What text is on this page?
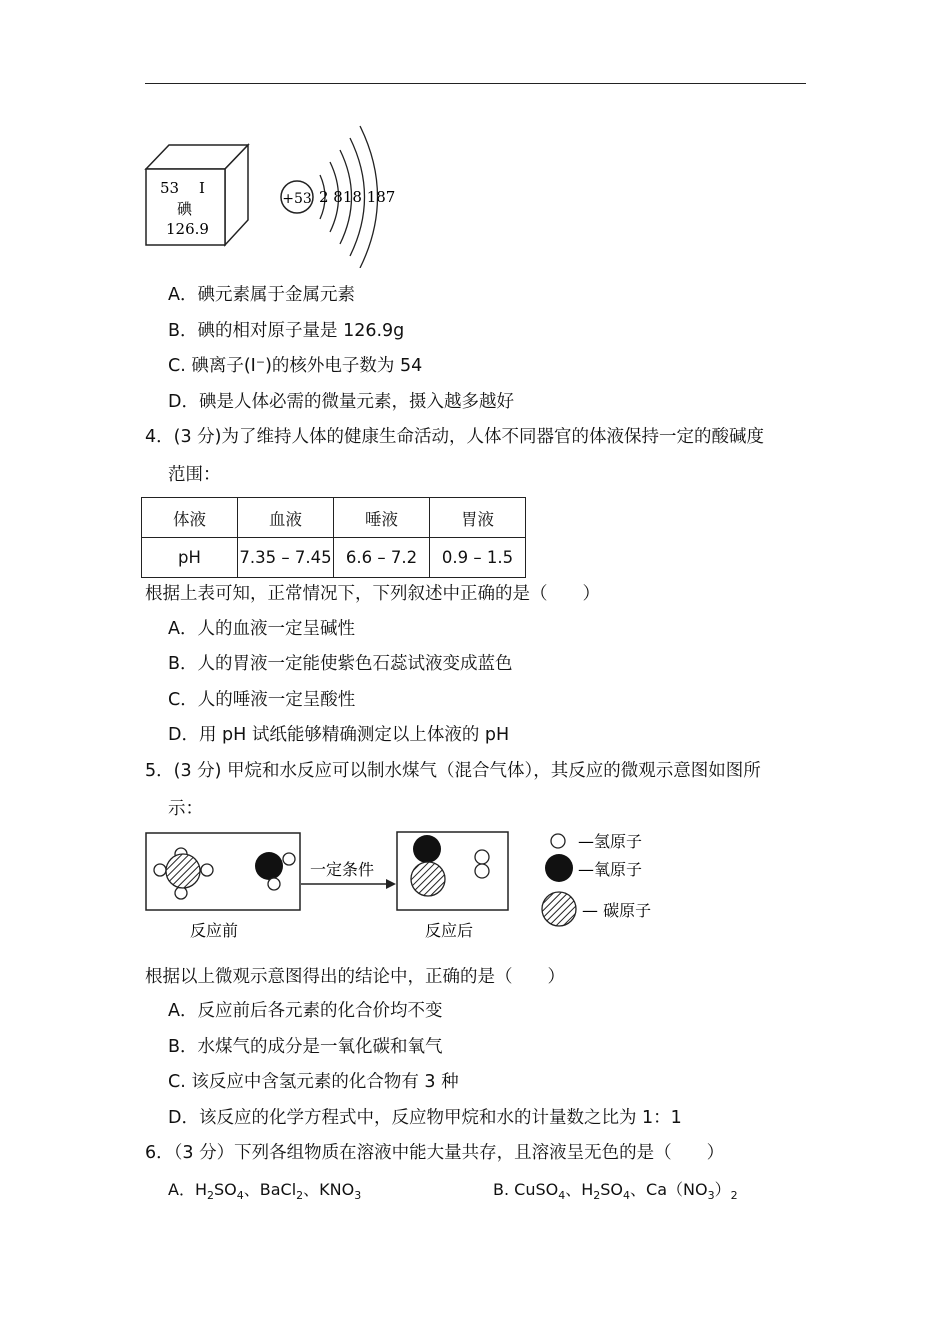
53 I
碘
126.9
+53 2 818 187
A．碘元素属于金属元素
B．碘的相对原子量是 126.9g
C. 碘离子(I⁻)的核外电子数为 54
D．碘是人体必需的微量元素，摄入越多越好
4．(3 分)为了维持人体的健康生命活动，人体不同器官的体液保持一定的酸碱度
范围：
体液	血液	唾液	胃液
pH	7.35 – 7.45	6.6 – 7.2	0.9 – 1.5
根据上表可知，正常情况下，下列叙述中正确的是（　　）
A．人的血液一定呈碱性
B．人的胃液一定能使紫色石蕊试液变成蓝色
C．人的唾液一定呈酸性
D．用 pH 试纸能够精确测定以上体液的 pH
5．(3 分) 甲烷和水反应可以制水煤气（混合气体），其反应的微观示意图如图所
示：
一定条件
反应前	反应后
—氢原子
—氧原子
— 碳原子
根据以上微观示意图得出的结论中，正确的是（　　）
A．反应前后各元素的化合价均不变
B．水煤气的成分是一氧化碳和氧气
C. 该反应中含氢元素的化合物有 3 种
D．该反应的化学方程式中，反应物甲烷和水的计量数之比为 1：1
6．（3 分）下列各组物质在溶液中能大量共存，且溶液呈无色的是（　　）
A．$H_2SO_4$、BaCl$_2$、$KNO_3$	B. CuSO$_4$、$H_2SO_4$、$Ca(NO_3)_2$
